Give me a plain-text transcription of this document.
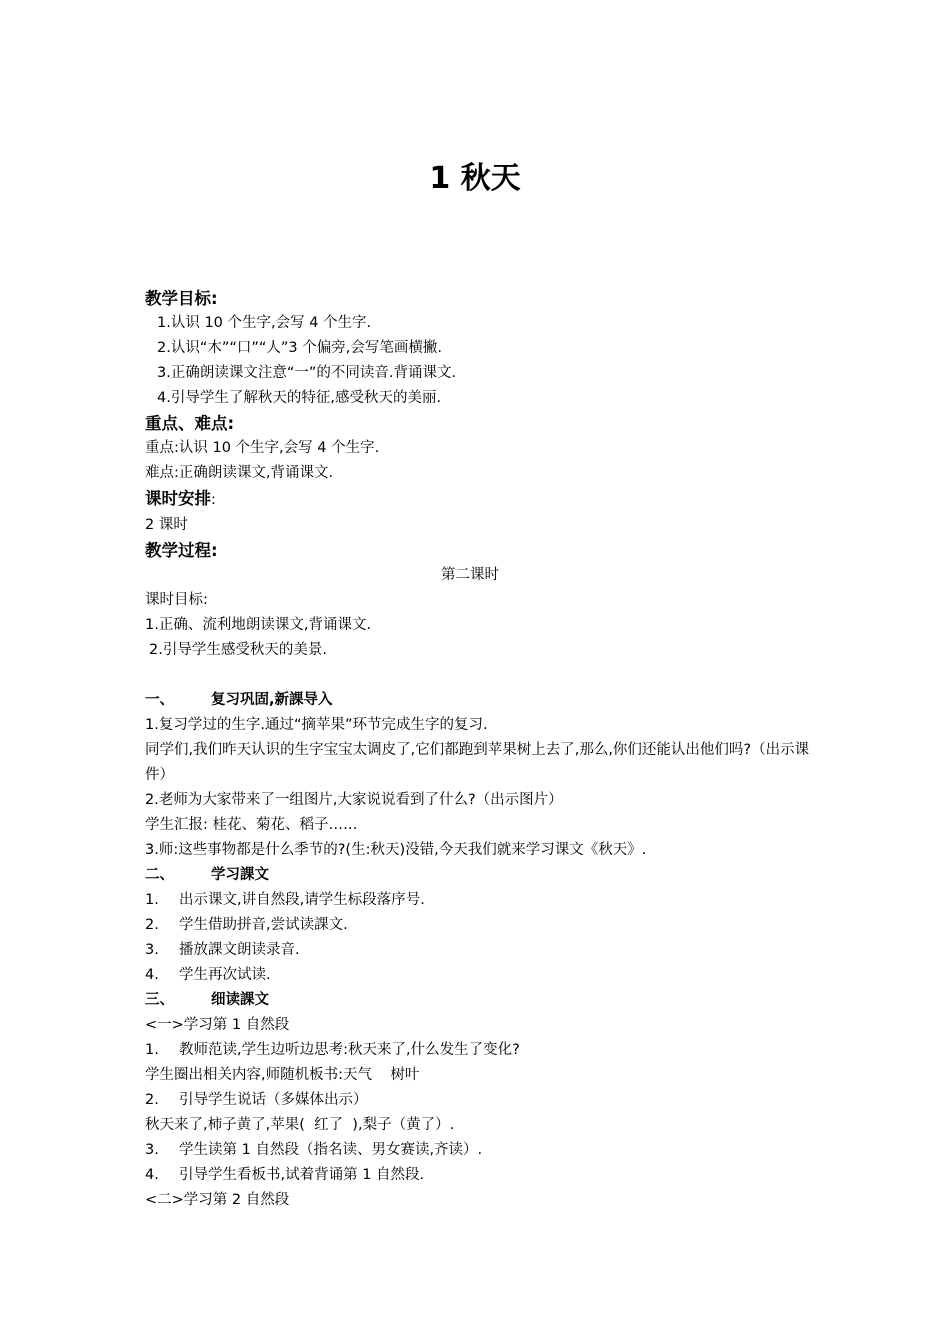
1 秋天
教学目标:
1.认识 10 个生字,会写 4 个生字.
2.认识“木”“口”“人”3 个偏旁,会写笔画横撇.
3.正确朗读课文注意“一”的不同读音.背诵课文.
4.引导学生了解秋天的特征,感受秋天的美丽.
重点、难点:
重点:认识 10 个生字,会写 4 个生字.
难点:正确朗读课文,背诵课文.
课时安排:
2 课时
教学过程:
第二课时
课时目标:
1.正确、流利地朗读课文,背诵课文.
2.引导学生感受秋天的美景.
一、	复习巩固,新課导入
1.复习学过的生字.通过“摘苹果”环节完成生字的复习.
同学们,我们昨天认识的生字宝宝太调皮了,它们都跑到苹果树上去了,那么,你们还能认出他们吗?（出示课件）
2.老师为大家带来了一组图片,大家说说看到了什么?（出示图片）
学生汇报: 桂花、菊花、稻子……
3.师:这些事物都是什么季节的?(生:秋天)没错,今天我们就来学习课文《秋天》.
二、	学习課文
1. 出示课文,讲自然段,请学生标段落序号.
2. 学生借助拼音,尝试读課文.
3. 播放課文朗读录音.
4. 学生再次试读.
三、	细读課文
<一>学习第 1 自然段
1. 教师范读,学生边听边思考:秋天来了,什么发生了变化?
学生圈出相关内容,师随机板书:天气    树叶
2. 引导学生说话（多媒体出示）
秋天来了,柿子黄了,苹果(  红了  ),梨子（黄了）.
3. 学生读第 1 自然段（指名读、男女赛读,齐读）.
4. 引导学生看板书,试着背诵第 1 自然段.
<二>学习第 2 自然段
